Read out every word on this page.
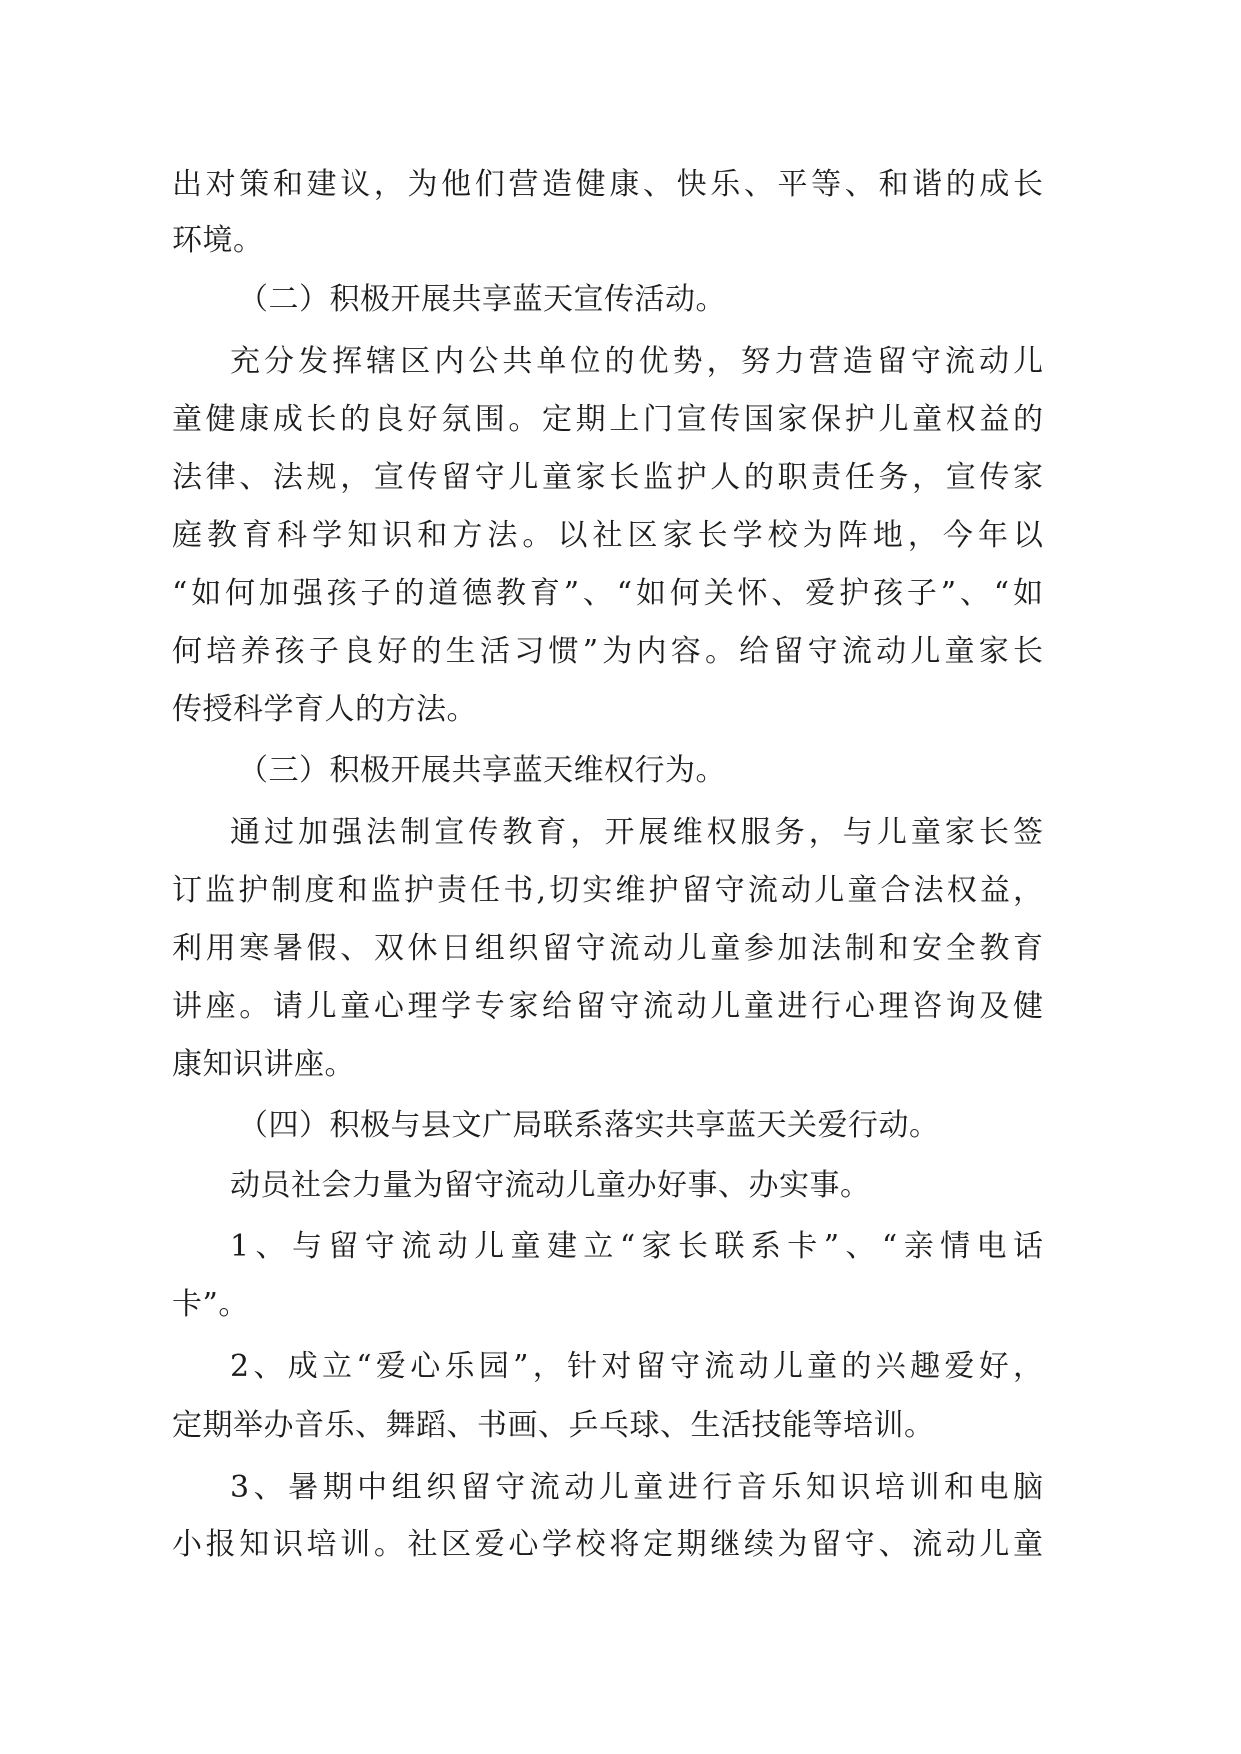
出对策和建议，为他们营造健康、快乐、平等、和谐的成长
环境。
（二）积极开展共享蓝天宣传活动。
充分发挥辖区内公共单位的优势，努力营造留守流动儿
童健康成长的良好氛围。定期上门宣传国家保护儿童权益的
法律、法规，宣传留守儿童家长监护人的职责任务，宣传家
庭教育科学知识和方法。以社区家长学校为阵地，今年以
“如何加强孩子的道德教育”、“如何关怀、爱护孩子”、“如
何培养孩子良好的生活习惯”为内容。给留守流动儿童家长
传授科学育人的方法。
（三）积极开展共享蓝天维权行为。
通过加强法制宣传教育，开展维权服务，与儿童家长签
订监护制度和监护责任书,切实维护留守流动儿童合法权益，
利用寒暑假、双休日组织留守流动儿童参加法制和安全教育
讲座。请儿童心理学专家给留守流动儿童进行心理咨询及健
康知识讲座。
（四）积极与县文广局联系落实共享蓝天关爱行动。
动员社会力量为留守流动儿童办好事、办实事。
1、与留守流动儿童建立“家长联系卡”、“亲情电话
卡”。
2、成立“爱心乐园”，针对留守流动儿童的兴趣爱好，
定期举办音乐、舞蹈、书画、乒乓球、生活技能等培训。
3、暑期中组织留守流动儿童进行音乐知识培训和电脑
小报知识培训。社区爱心学校将定期继续为留守、流动儿童
